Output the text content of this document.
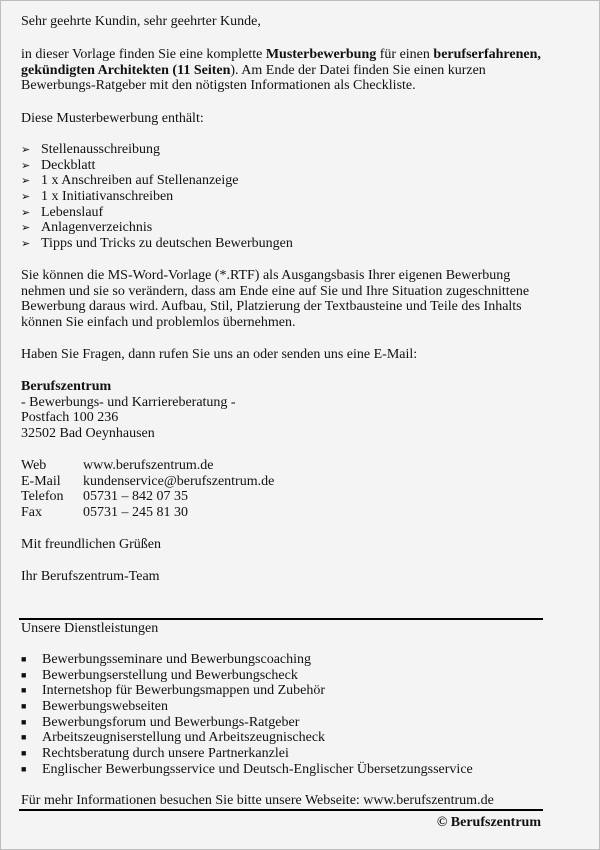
Sehr geehrte Kundin, sehr geehrter Kunde,
in dieser Vorlage finden Sie eine komplette Musterbewerbung für einen berufserfahrenen,
gekündigten Architekten (11 Seiten). Am Ende der Datei finden Sie einen kurzen
Bewerbungs-Ratgeber mit den nötigsten Informationen als Checkliste.
Diese Musterbewerbung enthält:
➢ Stellenausschreibung
➢ Deckblatt
➢ 1 x Anschreiben auf Stellenanzeige
➢ 1 x Initiativanschreiben
➢ Lebenslauf
➢ Anlagenverzeichnis
➢ Tipps und Tricks zu deutschen Bewerbungen
Sie können die MS-Word-Vorlage (*.RTF) als Ausgangsbasis Ihrer eigenen Bewerbung
nehmen und sie so verändern, dass am Ende eine auf Sie und Ihre Situation zugeschnittene
Bewerbung daraus wird. Aufbau, Stil, Platzierung der Textbausteine und Teile des Inhalts
können Sie einfach und problemlos übernehmen.
Haben Sie Fragen, dann rufen Sie uns an oder senden uns eine E-Mail:
Berufszentrum
- Bewerbungs- und Karriereberatung -
Postfach 100 236
32502 Bad Oeynhausen
Web	www.berufszentrum.de
E-Mail kundenservice@berufszentrum.de
Telefon 05731 – 842 07 35
Fax	05731 – 245 81 30
Mit freundlichen Grüßen
Ihr Berufszentrum-Team
Unsere Dienstleistungen
■ Bewerbungsseminare und Bewerbungscoaching
■ Bewerbungserstellung und Bewerbungscheck
■ Internetshop für Bewerbungsmappen und Zubehör
■ Bewerbungswebseiten
■ Bewerbungsforum und Bewerbungs-Ratgeber
■ Arbeitszeugniserstellung und Arbeitszeugnischeck
■ Rechtsberatung durch unsere Partnerkanzlei
■ Englischer Bewerbungsservice und Deutsch-Englischer Übersetzungsservice
Für mehr Informationen besuchen Sie bitte unsere Webseite: www.berufszentrum.de
© Berufszentrum
